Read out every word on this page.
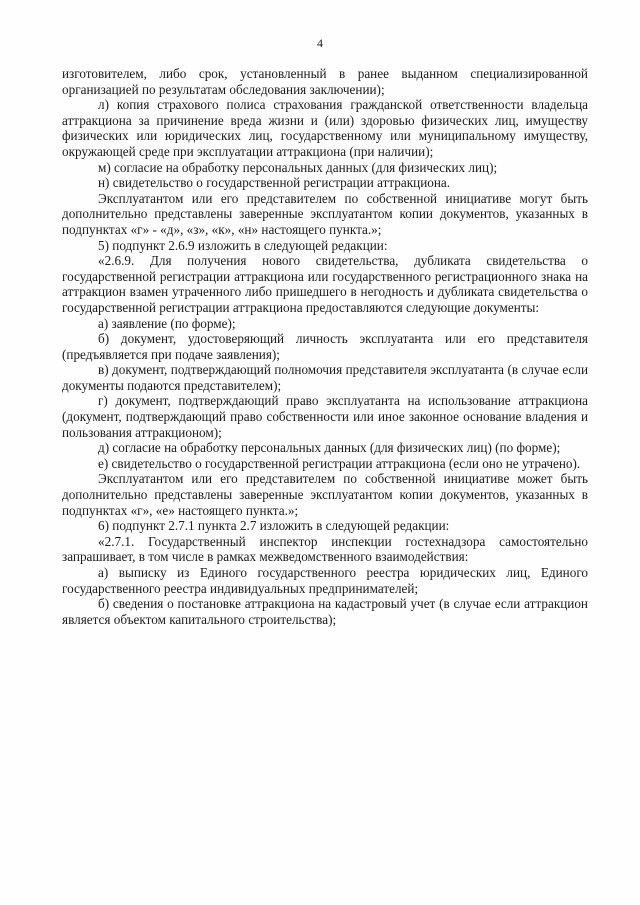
4

изготовителем, либо срок, установленный в ранее выданном специализированной организацией по результатам обследования заключении);

л) копия страхового полиса страхования гражданской ответственности владельца аттракциона за причинение вреда жизни и (или) здоровью физических лиц, имуществу физических или юридических лиц, государственному или муниципальному имуществу, окружающей среде при эксплуатации аттракциона (при наличии);

м) согласие на обработку персональных данных (для физических лиц);

н) свидетельство о государственной регистрации аттракциона.

Эксплуатантом или его представителем по собственной инициативе могут быть дополнительно представлены заверенные эксплуатантом копии документов, указанных в подпунктах «г» - «д», «з», «к», «н» настоящего пункта.»;

5) подпункт 2.6.9 изложить в следующей редакции:

«2.6.9. Для получения нового свидетельства, дубликата свидетельства о государственной регистрации аттракциона или государственного регистрационного знака на аттракцион взамен утраченного либо пришедшего в негодность и дубликата свидетельства о государственной регистрации аттракциона предоставляются следующие документы:

а) заявление (по форме);

б) документ, удостоверяющий личность эксплуатанта или его представителя (предъявляется при подаче заявления);

в) документ, подтверждающий полномочия представителя эксплуатанта (в случае если документы подаются представителем);

г) документ, подтверждающий право эксплуатанта на использование аттракциона (документ, подтверждающий право собственности или иное законное основание владения и пользования аттракционом);

д) согласие на обработку персональных данных (для физических лиц) (по форме);

е) свидетельство о государственной регистрации аттракциона (если оно не утрачено).

Эксплуатантом или его представителем по собственной инициативе может быть дополнительно представлены заверенные эксплуатантом копии документов, указанных в подпунктах «г», «е» настоящего пункта.»;

6) подпункт 2.7.1 пункта 2.7 изложить в следующей редакции:

«2.7.1. Государственный инспектор инспекции гостехнадзора самостоятельно запрашивает, в том числе в рамках межведомственного взаимодействия:

а) выписку из Единого государственного реестра юридических лиц, Единого государственного реестра индивидуальных предпринимателей;

б) сведения о постановке аттракциона на кадастровый учет (в случае если аттракцион является объектом капитального строительства);
